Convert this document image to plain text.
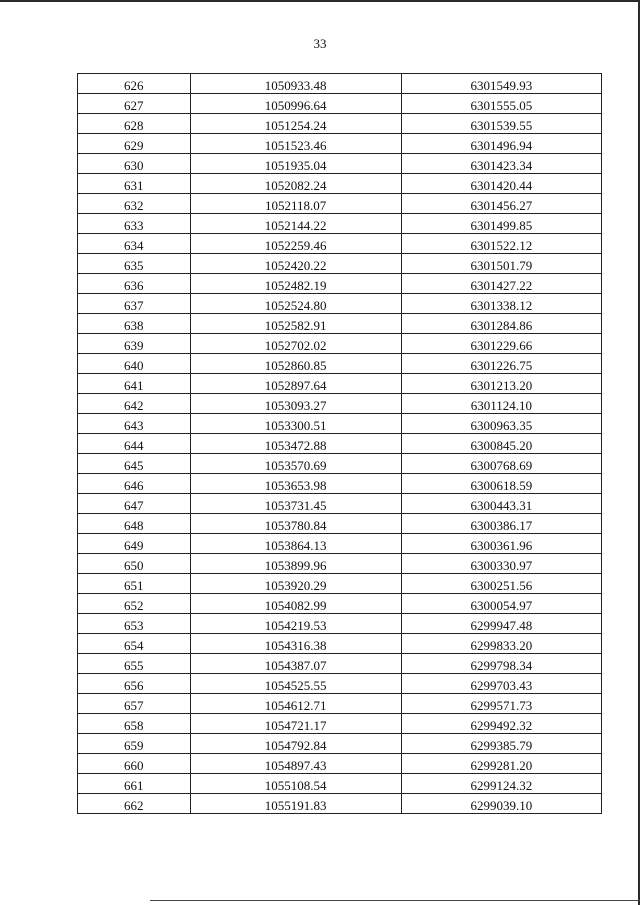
33
626	1050933.48	6301549.93
627	1050996.64	6301555.05
628	1051254.24	6301539.55
629	1051523.46	6301496.94
630	1051935.04	6301423.34
631	1052082.24	6301420.44
632	1052118.07	6301456.27
633	1052144.22	6301499.85
634	1052259.46	6301522.12
635	1052420.22	6301501.79
636	1052482.19	6301427.22
637	1052524.80	6301338.12
638	1052582.91	6301284.86
639	1052702.02	6301229.66
640	1052860.85	6301226.75
641	1052897.64	6301213.20
642	1053093.27	6301124.10
643	1053300.51	6300963.35
644	1053472.88	6300845.20
645	1053570.69	6300768.69
646	1053653.98	6300618.59
647	1053731.45	6300443.31
648	1053780.84	6300386.17
649	1053864.13	6300361.96
650	1053899.96	6300330.97
651	1053920.29	6300251.56
652	1054082.99	6300054.97
653	1054219.53	6299947.48
654	1054316.38	6299833.20
655	1054387.07	6299798.34
656	1054525.55	6299703.43
657	1054612.71	6299571.73
658	1054721.17	6299492.32
659	1054792.84	6299385.79
660	1054897.43	6299281.20
661	1055108.54	6299124.32
662	1055191.83	6299039.10
